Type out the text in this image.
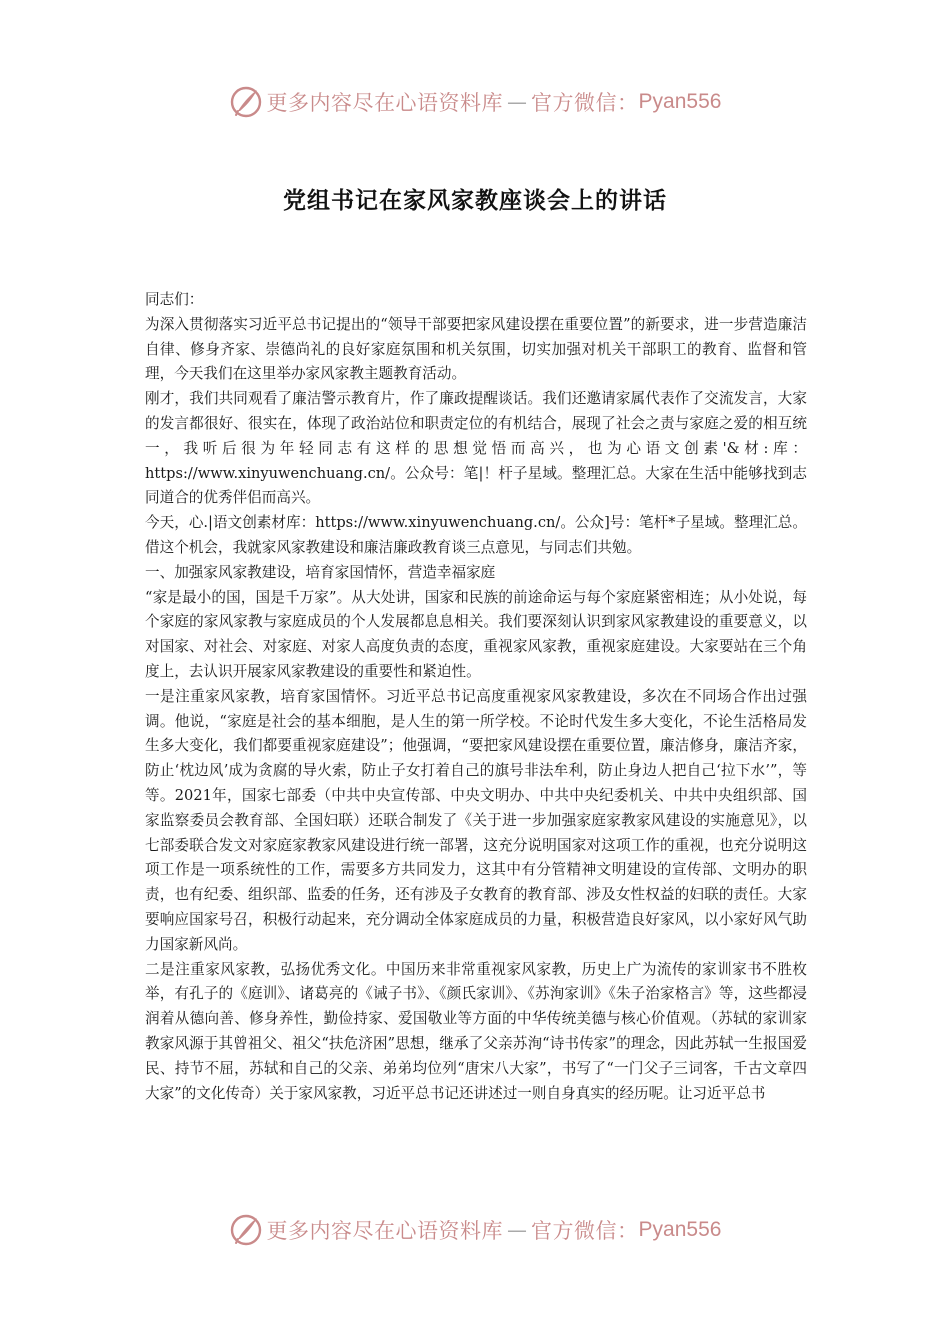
更多内容尽在心语资料库 — 官方微信： Pyan556
党组书记在家风家教座谈会上的讲话

同志们：

为深入贯彻落实习近平总书记提出的“领导干部要把家风建设摆在重要位置”的新要求，进一步营造廉洁自律、修身齐家、崇德尚礼的良好家庭氛围和机关氛围，切实加强对机关干部职工的教育、监督和管理，今天我们在这里举办家风家教主题教育活动。

刚才，我们共同观看了廉洁警示教育片，作了廉政提醒谈话。我们还邀请家属代表作了交流发言，大家的发言都很好、很实在，体现了政治站位和职责定位的有机结合，展现了社会之责与家庭之爱的相互统一，我听后很为年轻同志有这样的思想觉悟而高兴，也为心语文创素'&材:库：https://www.xinyuwenchuang.cn/。公众号：笔|！杆子星域。整理汇总。大家在生活中能够找到志同道合的优秀伴侣而高兴。

今天，心.|语文创素材库：https://www.xinyuwenchuang.cn/。公众]号：笔杆*子星域。整理汇总。借这个机会，我就家风家教建设和廉洁廉政教育谈三点意见，与同志们共勉。

一、加强家风家教建设，培育家国情怀，营造幸福家庭

“家是最小的国，国是千万家”。从大处讲，国家和民族的前途命运与每个家庭紧密相连；从小处说，每个家庭的家风家教与家庭成员的个人发展都息息相关。我们要深刻认识到家风家教建设的重要意义，以对国家、对社会、对家庭、对家人高度负责的态度，重视家风家教，重视家庭建设。大家要站在三个角度上，去认识开展家风家教建设的重要性和紧迫性。

一是注重家风家教，培育家国情怀。习近平总书记高度重视家风家教建设，多次在不同场合作出过强调。他说，“家庭是社会的基本细胞，是人生的第一所学校。不论时代发生多大变化，不论生活格局发生多大变化，我们都要重视家庭建设”；他强调，“要把家风建设摆在重要位置，廉洁修身，廉洁齐家，防止‘枕边风’成为贪腐的导火索，防止子女打着自己的旗号非法牟利，防止身边人把自己‘拉下水’”，等等。2021年，国家七部委（中共中央宣传部、中央文明办、中共中央纪委机关、中共中央组织部、国家监察委员会教育部、全国妇联）还联合制发了《关于进一步加强家庭家教家风建设的实施意见》，以七部委联合发文对家庭家教家风建设进行统一部署，这充分说明国家对这项工作的重视，也充分说明这项工作是一项系统性的工作，需要多方共同发力，这其中有分管精神文明建设的宣传部、文明办的职责，也有纪委、组织部、监委的任务，还有涉及子女教育的教育部、涉及女性权益的妇联的责任。大家要响应国家号召，积极行动起来，充分调动全体家庭成员的力量，积极营造良好家风，以小家好风气助力国家新风尚。

二是注重家风家教，弘扬优秀文化。中国历来非常重视家风家教，历史上广为流传的家训家书不胜枚举，有孔子的《庭训》、诸葛亮的《诫子书》、《颜氏家训》、《苏洵家训》《朱子治家格言》等，这些都浸润着从德向善、修身养性，勤俭持家、爱国敬业等方面的中华传统美德与核心价值观。（苏轼的家训家教家风源于其曾祖父、祖父“扶危济困”思想，继承了父亲苏洵“诗书传家”的理念，因此苏轼一生报国爱民、持节不屈，苏轼和自己的父亲、弟弟均位列“唐宋八大家”，书写了“一门父子三词客，千古文章四大家”的文化传奇）关于家风家教，习近平总书记还讲述过一则自身真实的经历呢。让习近平总书

更多内容尽在心语资料库 — 官方微信： Pyan556
